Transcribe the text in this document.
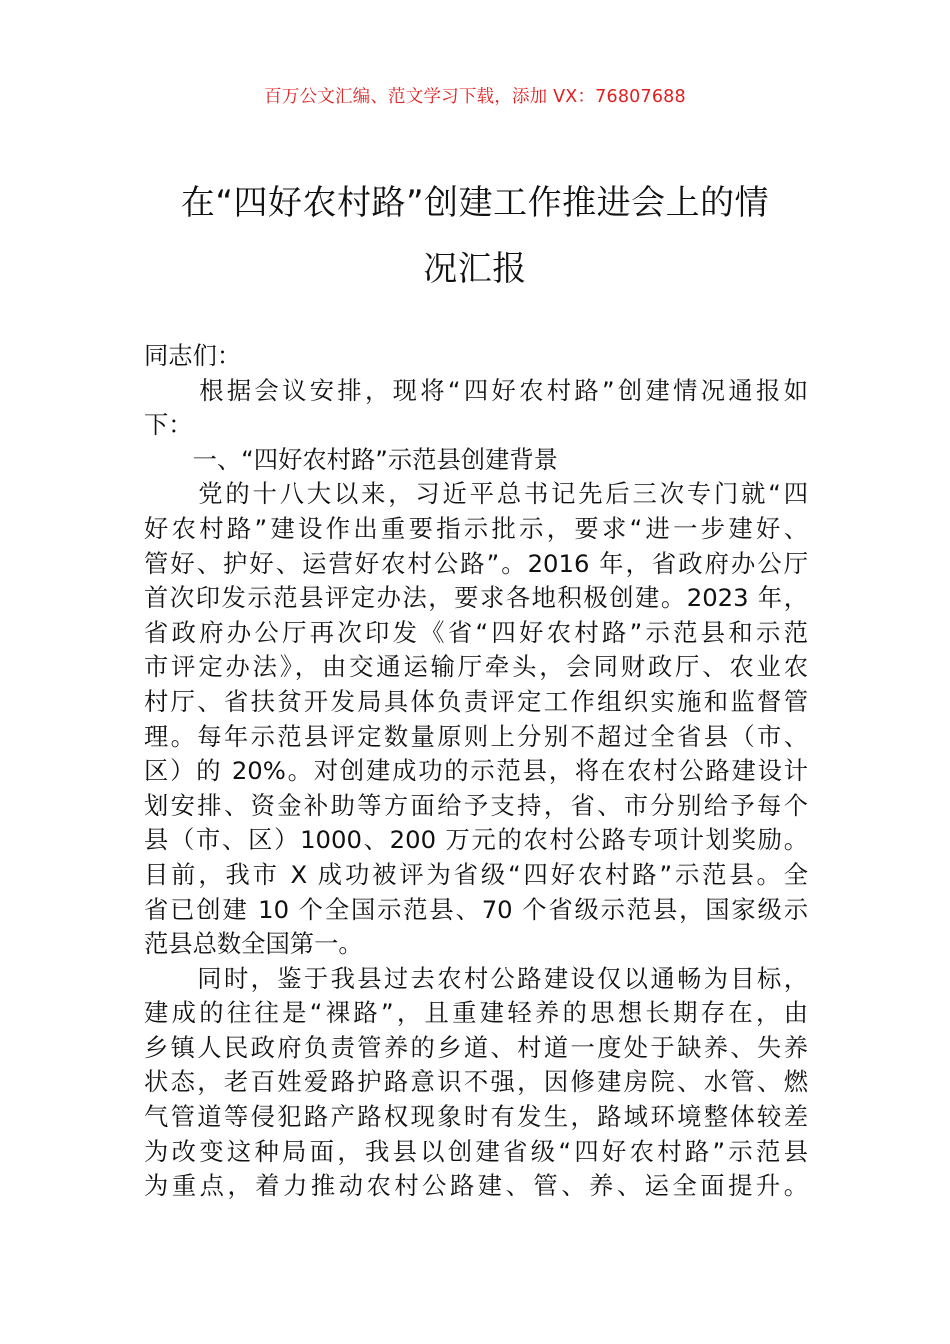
百万公文汇编、范文学习下载，添加 VX：76807688
在“四好农村路”创建工作推进会上的情
况汇报

同志们：

　　根据会议安排，现将“四好农村路”创建情况通报如
下：

　　一、“四好农村路”示范县创建背景

　　党的十八大以来，习近平总书记先后三次专门就“四
好农村路”建设作出重要指示批示，要求“进一步建好、
管好、护好、运营好农村公路”。2016 年，省政府办公厅
首次印发示范县评定办法，要求各地积极创建。2023 年，
省政府办公厅再次印发《省“四好农村路”示范县和示范
市评定办法》，由交通运输厅牵头，会同财政厅、农业农
村厅、省扶贫开发局具体负责评定工作组织实施和监督管
理。每年示范县评定数量原则上分别不超过全省县（市、
区）的 20%。对创建成功的示范县，将在农村公路建设计
划安排、资金补助等方面给予支持，省、市分别给予每个
县（市、区）1000、200 万元的农村公路专项计划奖励。
目前，我市 X 成功被评为省级“四好农村路”示范县。全
省已创建 10 个全国示范县、70 个省级示范县，国家级示
范县总数全国第一。

　　同时，鉴于我县过去农村公路建设仅以通畅为目标，
建成的往往是“裸路”，且重建轻养的思想长期存在，由
乡镇人民政府负责管养的乡道、村道一度处于缺养、失养
状态，老百姓爱路护路意识不强，因修建房院、水管、燃
气管道等侵犯路产路权现象时有发生，路域环境整体较差
为改变这种局面，我县以创建省级“四好农村路”示范县
为重点，着力推动农村公路建、管、养、运全面提升。
